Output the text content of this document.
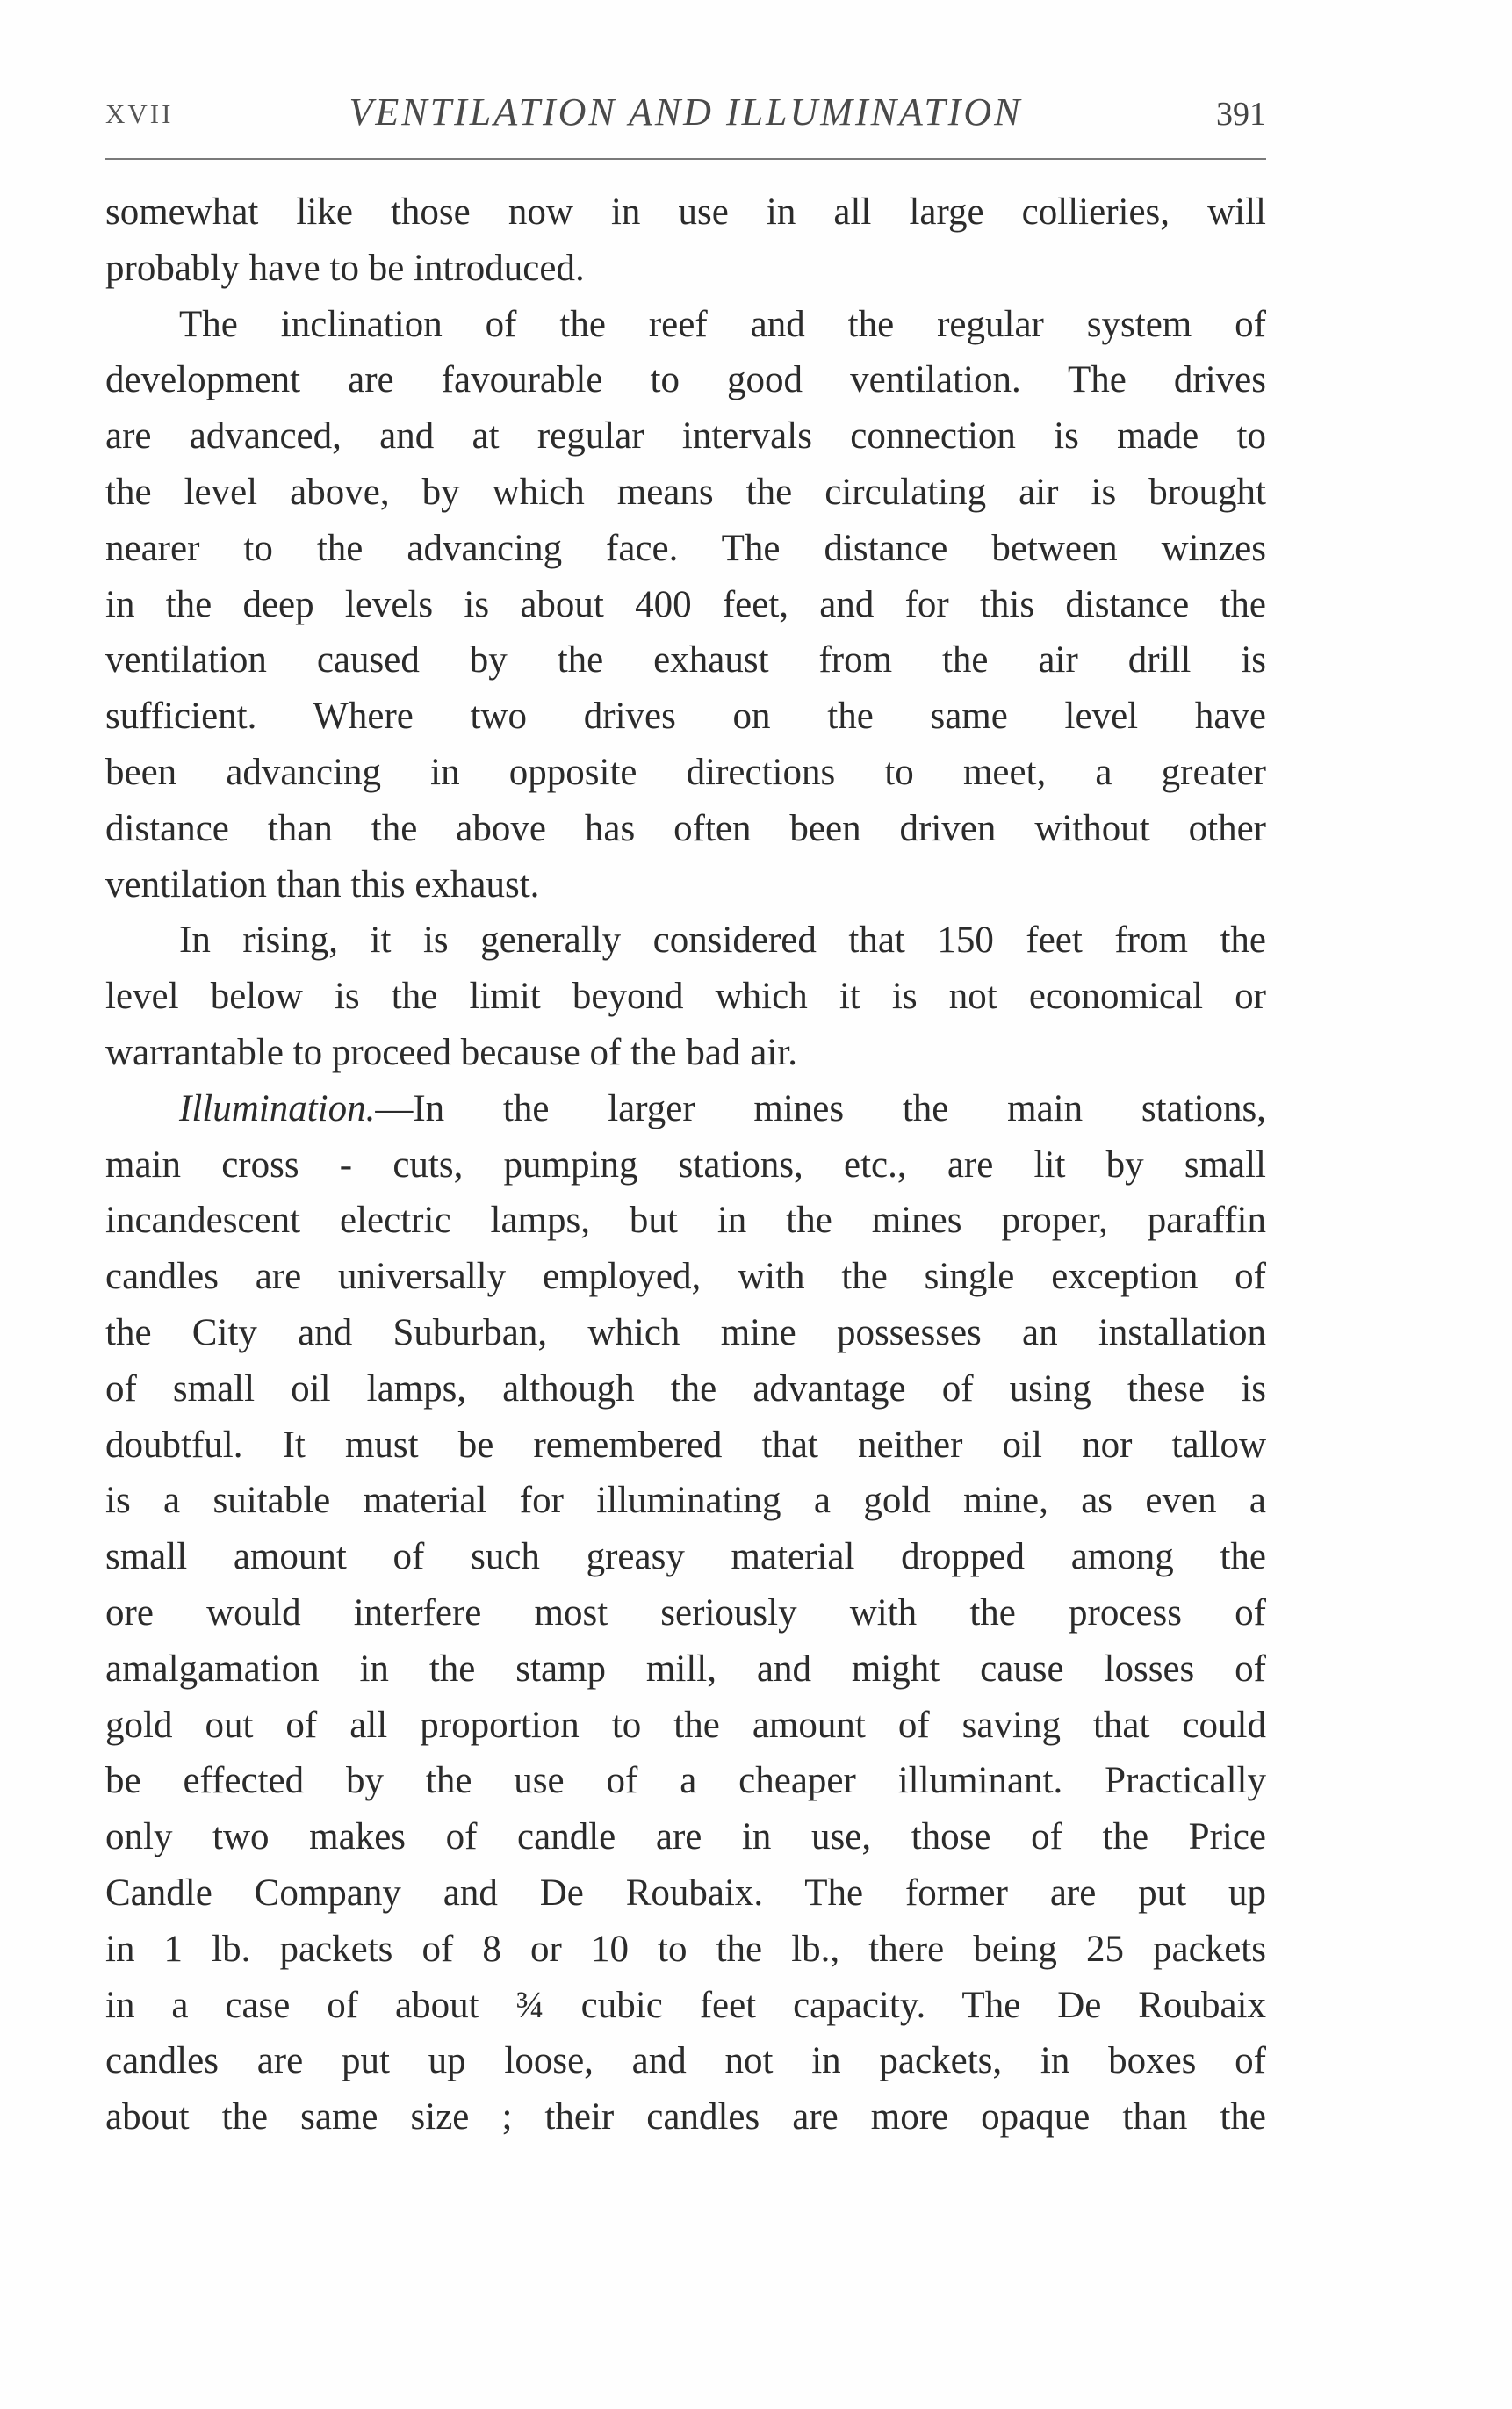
XVII	VENTILATION AND ILLUMINATION	391
somewhat like those now in use in all large collieries, will
probably have to be introduced.
The inclination of the reef and the regular system of
development are favourable to good ventilation. The drives
are advanced, and at regular intervals connection is made to
the level above, by which means the circulating air is brought
nearer to the advancing face. The distance between winzes
in the deep levels is about 400 feet, and for this distance the
ventilation caused by the exhaust from the air drill is
sufficient. Where two drives on the same level have
been advancing in opposite directions to meet, a greater
distance than the above has often been driven without other
ventilation than this exhaust.
In rising, it is generally considered that 150 feet from the
level below is the limit beyond which it is not economical or
warrantable to proceed because of the bad air.
Illumination.—In the larger mines the main stations,
main cross - cuts, pumping stations, etc., are lit by small
incandescent electric lamps, but in the mines proper, paraffin
candles are universally employed, with the single exception of
the City and Suburban, which mine possesses an installation
of small oil lamps, although the advantage of using these is
doubtful. It must be remembered that neither oil nor tallow
is a suitable material for illuminating a gold mine, as even a
small amount of such greasy material dropped among the
ore would interfere most seriously with the process of
amalgamation in the stamp mill, and might cause losses of
gold out of all proportion to the amount of saving that could
be effected by the use of a cheaper illuminant. Practically
only two makes of candle are in use, those of the Price
Candle Company and De Roubaix. The former are put up
in 1 lb. packets of 8 or 10 to the lb., there being 25 packets
in a case of about ¾ cubic feet capacity. The De Roubaix
candles are put up loose, and not in packets, in boxes of
about the same size ; their candles are more opaque than the
